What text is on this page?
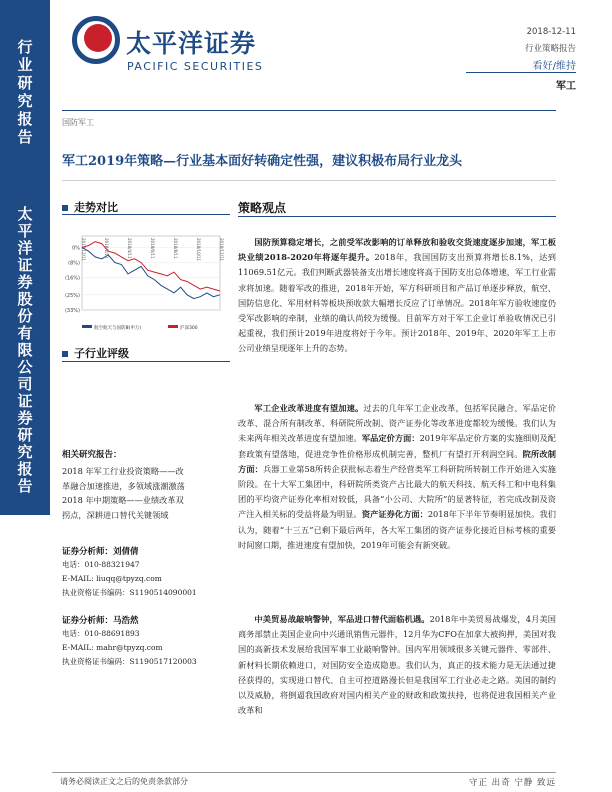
行业研究报告
太平洋证券股份有限公司证券研究报告
太平洋证券
PACIFIC SECURITIES
2018-12-11
行业策略报告
看好/维持
军工
国防军工
军工2019年策略—行业基本面好转确定性强，建议积极布局行业龙头
走势对比
0%
(8%)
(16%)
(25%)
(33%)
2017/12/11	2018/2/11	2018/4/11	2018/6/11	2018/8/11	2018/10/11	2018/12/11
航空航天与国防Ⅲ(申万)	沪深300
子行业评级
相关研究报告：
2018 年军工行业投资策略——改
革融合加速推进，多领域涨潮激荡
2018 年中期策略——业绩改革双
拐点，深耕进口替代关键领域
证券分析师：刘倩倩
电话：010-88321947
E-MAIL: liuqq@tpyzq.com
执业资格证书编码：S1190514090001
证券分析师：马浩然
电话：010-88691893
E-MAIL: mahr@tpyzq.com
执业资格证书编码：S1190517120003
策略观点
国防预算稳定增长，之前受军改影响的订单释放和验收交货速度逐步加速，军工板块业绩2018-2020年将逐年提升。2018年，我国国防支出预算将增长8.1%，达到11069.51亿元。我们判断武器装备支出增长速度将高于国防支出总体增速，军工行业需求将加速。随着军改的推进，2018年开始，军方科研项目和产品订单逐步释放，航空、国防信息化、军用材料等板块预收款大幅增长反应了订单情况。2018年军方验收速度仍受军改影响的牵制，业绩的确认尚较为缓慢。目前军方对于军工企业订单验收情况已引起重视，我们预计2019年进度将好于今年。预计2018年、2019年、2020年军工上市公司业绩呈现逐年上升的态势。
军工企业改革进度有望加速。过去的几年军工企业改革，包括军民融合、军品定价改革、混合所有制改革、科研院所改制、资产证券化等改革进度都较为缓慢。我们认为未来两年相关改革进度有望加速。军品定价方面：2019年军品定价方案的实施细则及配套政策有望落地，促进竞争性价格形成机制完善，整机厂有望打开利润空间。院所改制方面：兵器工业第58所转企获批标志着生产经营类军工科研院所转制工作开始进入实施阶段。在十大军工集团中，科研院所类资产占比最大的航天科技、航天科工和中电科集团的平均资产证券化率相对较低，具备“小公司、大院所”的显著特征，若完成改制及资产注入相关标的受益将最为明显。资产证券化方面：2018年下半年节奏明显加快。我们认为，随着“十三五”已剩下最后两年，各大军工集团的资产证券化接近目标考核的重要时间窗口期，推进速度有望加快，2019年可能会有新突破。
中美贸易战敲响警钟，军品进口替代面临机遇。2018年中美贸易战爆发，4月美国商务部禁止美国企业向中兴通讯销售元器件，12月华为CFO在加拿大被拘押，美国对我国的高新技术发展给我国军事工业敲响警钟。国内军用领域很多关键元器件、零部件、新材料长期依赖进口，对国防安全造成隐患。我们认为，真正的技术能力是无法通过捷径获得的，实现进口替代、自主可控道路漫长但是我国军工行业必走之路。美国的制约以及威胁，将倒逼我国政府对国内相关产业的财政和政策扶持，也将促进我国相关产业改革和
请务必阅读正文之后的免责条款部分	守正 出奇 宁静 致远
